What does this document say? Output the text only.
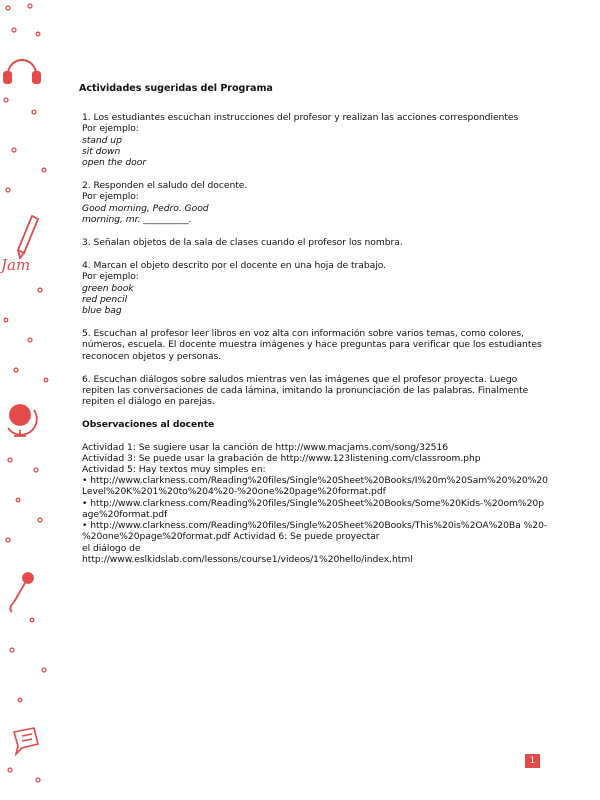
Jam
Actividades sugeridas del Programa

1. Los estudiantes escuchan instrucciones del profesor y realizan las acciones correspondientes

Por ejemplo:

stand up

sit down

open the door

2. Responden el saludo del docente.

Por ejemplo:

Good morning, Pedro. Good

morning, mr. __________.

3. Señalan objetos de la sala de clases cuando el profesor los nombra.

4. Marcan el objeto descrito por el docente en una hoja de trabajo.

Por ejemplo:

green book

red pencil

blue bag

5. Escuchan al profesor leer libros en voz alta con información sobre varios temas, como colores, números, escuela. El docente muestra imágenes y hace preguntas para verificar que los estudiantes reconocen objetos y personas.

6. Escuchan diálogos sobre saludos mientras ven las imágenes que el profesor proyecta. Luego repiten las conversaciones de cada lámina, imitando la pronunciación de las palabras. Finalmente repiten el diálogo en parejas.

Observaciones al docente

Actividad 1: Se sugiere usar la canción de http://www.macjams.com/song/32516

Actividad 3: Se puede usar la grabación de http://www.123listening.com/classroom.php

Actividad 5: Hay textos muy simples en:

• http://www.clarkness.com/Reading%20files/Single%20Sheet%20Books/I%20m%20Sam%20%20%20Level%20K%201%20to%204%20-%20one%20page%20format.pdf

• http://www.clarkness.com/Reading%20files/Single%20Sheet%20Books/Some%20Kids-%20om%20page%20format.pdf

• http://www.clarkness.com/Reading%20files/Single%20Sheet%20Books/This%20is%2OA%20Ba %20-%20one%20page%20format.pdf Actividad 6: Se puede proyectar

el diálogo de

http://www.eslkidslab.com/lessons/course1/videos/1%20hello/index.html

1
